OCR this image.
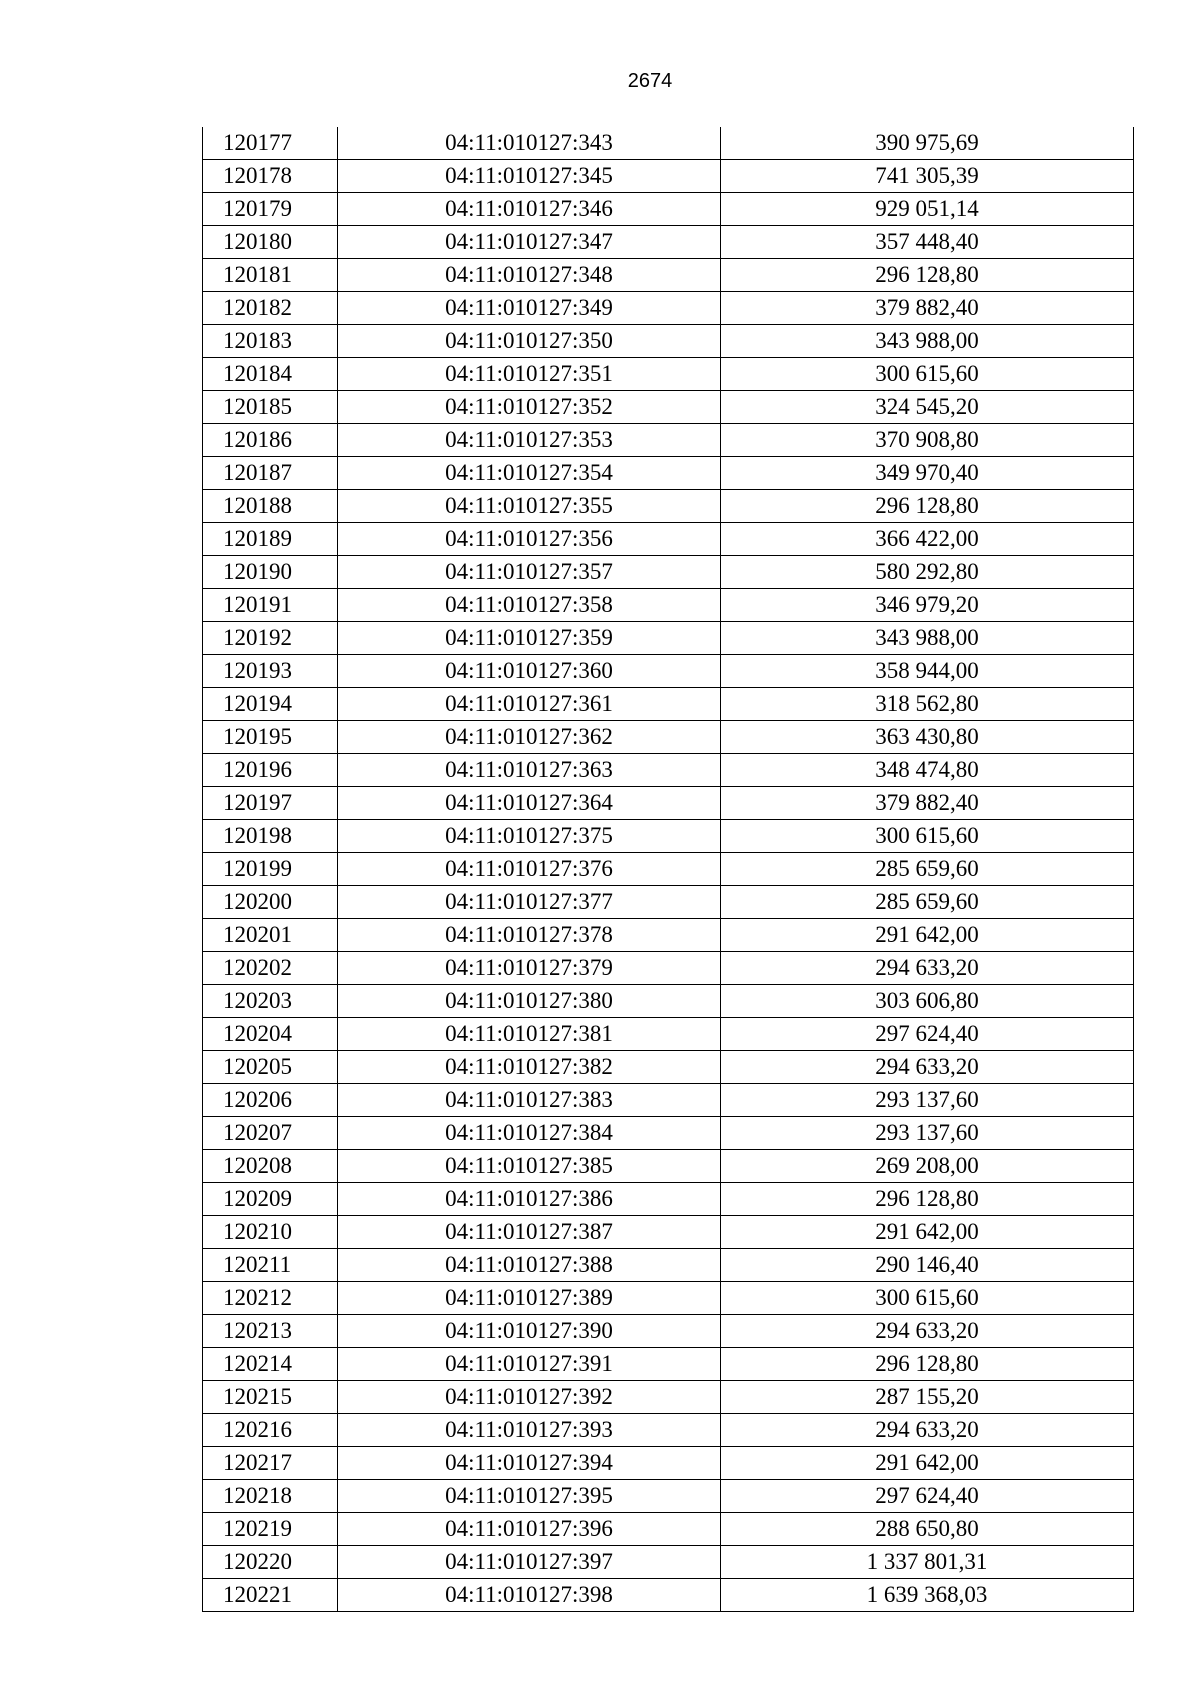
2674
120177	04:11:010127:343	390 975,69
120178	04:11:010127:345	741 305,39
120179	04:11:010127:346	929 051,14
120180	04:11:010127:347	357 448,40
120181	04:11:010127:348	296 128,80
120182	04:11:010127:349	379 882,40
120183	04:11:010127:350	343 988,00
120184	04:11:010127:351	300 615,60
120185	04:11:010127:352	324 545,20
120186	04:11:010127:353	370 908,80
120187	04:11:010127:354	349 970,40
120188	04:11:010127:355	296 128,80
120189	04:11:010127:356	366 422,00
120190	04:11:010127:357	580 292,80
120191	04:11:010127:358	346 979,20
120192	04:11:010127:359	343 988,00
120193	04:11:010127:360	358 944,00
120194	04:11:010127:361	318 562,80
120195	04:11:010127:362	363 430,80
120196	04:11:010127:363	348 474,80
120197	04:11:010127:364	379 882,40
120198	04:11:010127:375	300 615,60
120199	04:11:010127:376	285 659,60
120200	04:11:010127:377	285 659,60
120201	04:11:010127:378	291 642,00
120202	04:11:010127:379	294 633,20
120203	04:11:010127:380	303 606,80
120204	04:11:010127:381	297 624,40
120205	04:11:010127:382	294 633,20
120206	04:11:010127:383	293 137,60
120207	04:11:010127:384	293 137,60
120208	04:11:010127:385	269 208,00
120209	04:11:010127:386	296 128,80
120210	04:11:010127:387	291 642,00
120211	04:11:010127:388	290 146,40
120212	04:11:010127:389	300 615,60
120213	04:11:010127:390	294 633,20
120214	04:11:010127:391	296 128,80
120215	04:11:010127:392	287 155,20
120216	04:11:010127:393	294 633,20
120217	04:11:010127:394	291 642,00
120218	04:11:010127:395	297 624,40
120219	04:11:010127:396	288 650,80
120220	04:11:010127:397	1 337 801,31
120221	04:11:010127:398	1 639 368,03
